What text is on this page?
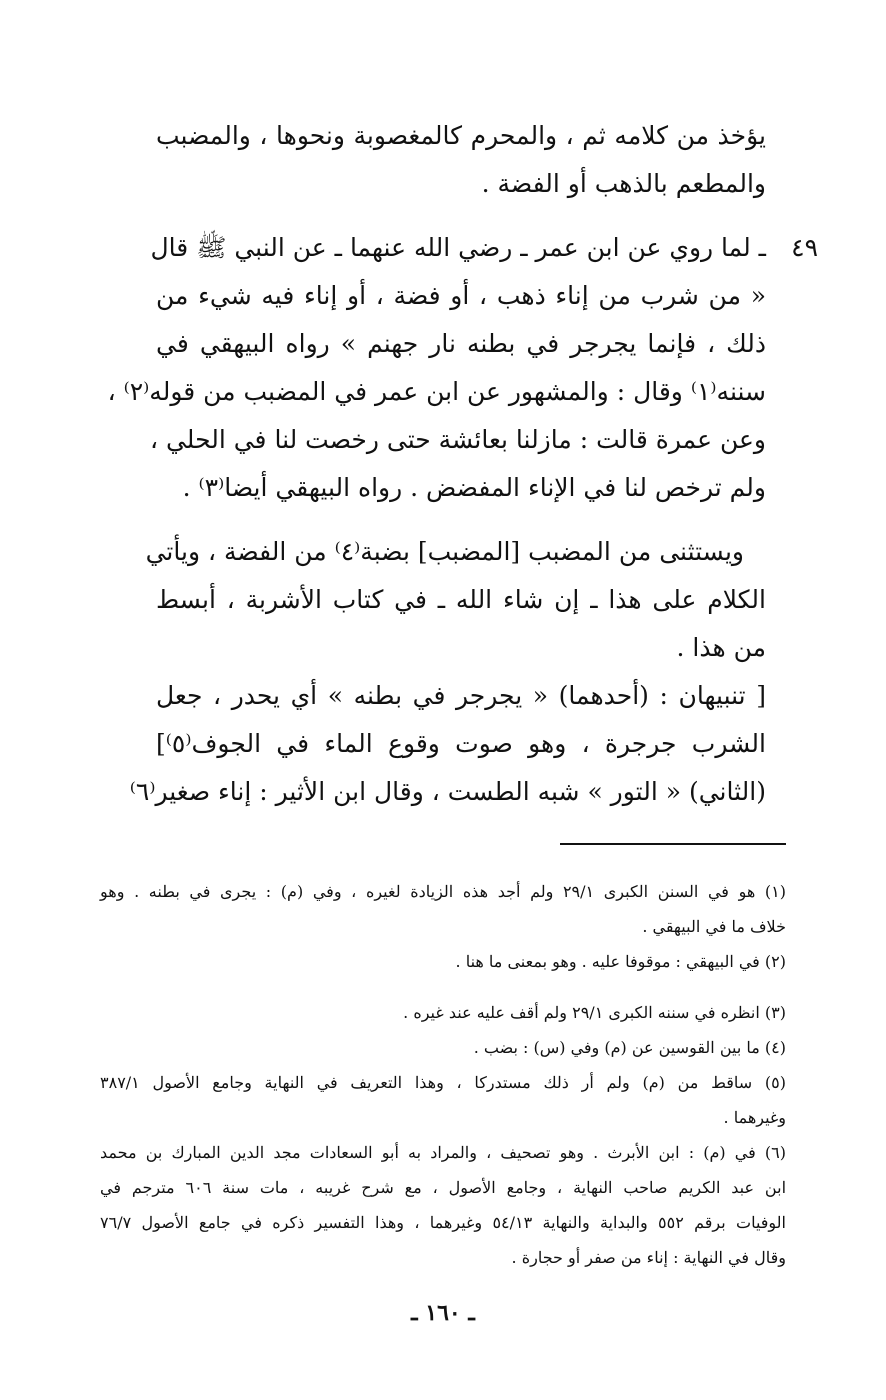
يؤخذ من كلامه ثم ، والمحرم كالمغصوبة ونحوها ، والمضبب
والمطعم بالذهب أو الفضة .
٤٩
ـ لما روي عن ابن عمر ـ رضي الله عنهما ـ عن النبي ﷺ قال
« من شرب من إناء ذهب ، أو فضة ، أو إناء فيه شيء من
ذلك ، فإنما يجرجر في بطنه نار جهنم » رواه البيهقي في
سننه⁽١⁾ وقال : والمشهور عن ابن عمر في المضبب من قوله⁽٢⁾ ،
وعن عمرة قالت : مازلنا بعائشة حتى رخصت لنا في الحلي ،
ولم ترخص لنا في الإناء المفضض . رواه البيهقي أيضا⁽٣⁾ .
ويستثنى من المضبب [المضبب] بضبة⁽٤⁾ من الفضة ، ويأتي
الكلام على هذا ـ إن شاء الله ـ في كتاب الأشربة ، أبسط
من هذا .
[ تنبيهان : (أحدهما) « يجرجر في بطنه » أي يحدر ، جعل
الشرب جرجرة ، وهو صوت وقوع الماء في الجوف⁽٥⁾]
(الثاني) « التور » شبه الطست ، وقال ابن الأثير : إناء صغير⁽٦⁾
(١) هو في السنن الكبرى ٢٩/١ ولم أجد هذه الزيادة لغيره ، وفي (م) : يجرى في بطنه . وهو
خلاف ما في البيهقي .
(٢) في البيهقي : موقوفا عليه . وهو بمعنى ما هنا .
(٣) انظره في سننه الكبرى ٢٩/١ ولم أقف عليه عند غيره .
(٤) ما بين القوسين عن (م) وفي (س) : بضب .
(٥) ساقط من (م) ولم أر ذلك مستدركا ، وهذا التعريف في النهاية وجامع الأصول ٣٨٧/١
وغيرهما .
(٦) في (م) : ابن الأبرث . وهو تصحيف ، والمراد به أبو السعادات مجد الدين المبارك بن محمد
ابن عبد الكريم صاحب النهاية ، وجامع الأصول ، مع شرح غريبه ، مات سنة ٦٠٦ مترجم في
الوفيات برقم ٥٥٢ والبداية والنهاية ٥٤/١٣ وغيرهما ، وهذا التفسير ذكره في جامع الأصول ٧٦/٧
وقال في النهاية : إناء من صفر أو حجارة .
ـ ١٦٠ ـ
